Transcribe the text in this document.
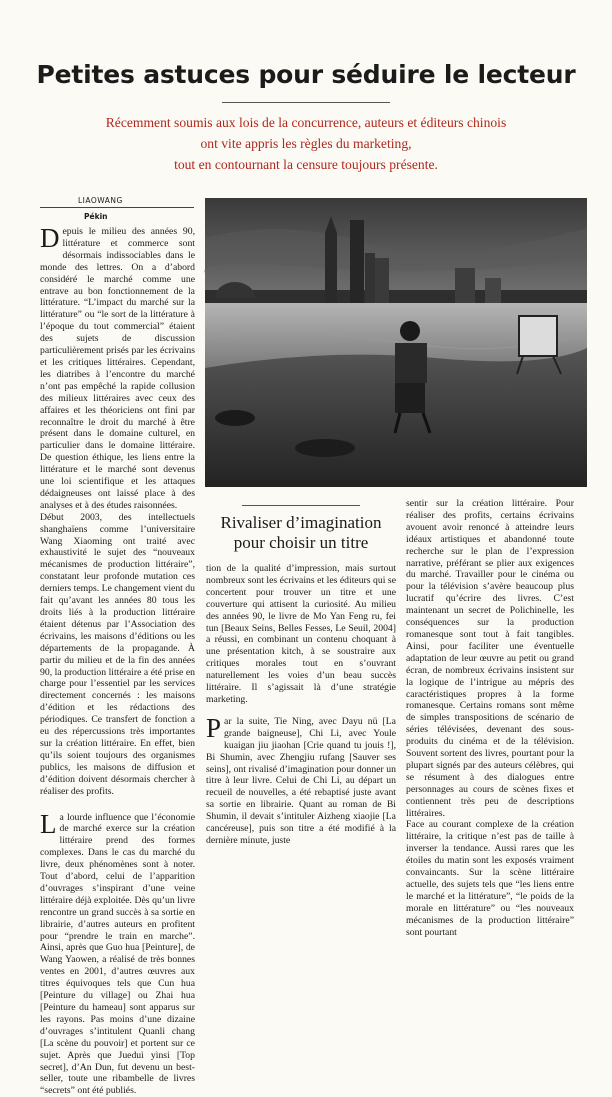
Petites astuces pour séduire le lecteur
Récemment soumis aux lois de la concurrence, auteurs et éditeurs chinois
ont vite appris les règles du marketing,
tout en contournant la censure toujours présente.
LIAOWANG
Pékin

Depuis le milieu des années 90, littérature et commerce sont désormais indissociables dans le monde des lettres. On a d’abord considéré le marché comme une entrave au bon fonctionnement de la littérature. “L’impact du marché sur la littérature” ou “le sort de la littérature à l’époque du tout commercial” étaient des sujets de discussion particulièrement prisés par les écrivains et les critiques littéraires. Cependant, les diatribes à l’encontre du marché n’ont pas empêché la rapide collusion des milieux littéraires avec ceux des affaires et les théoriciens ont fini par reconnaître le droit du marché à être présent dans le domaine culturel, en particulier dans le domaine littéraire. De question éthique, les liens entre la littérature et le marché sont devenus une loi scientifique et les attaques dédaigneuses ont laissé place à des analyses et à des études raisonnées.

Début 2003, des intellectuels shanghaïens comme l’universitaire Wang Xiaoming ont traité avec exhaustivité le sujet des “nouveaux mécanismes de production littéraire”, constatant leur profonde mutation ces derniers temps. Le changement vient du fait qu’avant les années 80 tous les droits liés à la production littéraire étaient détenus par l’Association des écrivains, les maisons d’éditions ou les départements de la propagande. À partir du milieu et de la fin des années 90, la production littéraire a été prise en charge pour l’essentiel par les services directement concernés : les maisons d’édition et les rédactions des périodiques. Ce transfert de fonction a eu des répercussions très importantes sur la création littéraire. En effet, bien qu’ils soient toujours des organismes publics, les maisons de diffusion et d’édition doivent désormais chercher à réaliser des profits.

La lourde influence que l’économie de marché exerce sur la création littéraire prend des formes complexes. Dans le cas du marché du livre, deux phénomènes sont à noter. Tout d’abord, celui de l’apparition d’ouvrages s’inspirant d’une veine littéraire déjà exploitée. Dès qu’un livre rencontre un grand succès à sa sortie en librairie, d’autres auteurs en profitent pour “prendre le train en marche”. Ainsi, après que Guo hua [Peinture], de Wang Yaowen, a réalisé de très bonnes ventes en 2001, d’autres œuvres aux titres équivoques tels que Cun hua [Peinture du village] ou Zhai hua [Peinture du hameau] sont apparus sur les rayons. Pas moins d’une dizaine d’ouvrages s’intitulent Quanli chang [La scène du pouvoir] et portent sur ce sujet. Après que Jueduì yìnsi [Top secret], d’An Dun, fut devenu un best-seller, toute une ribambelle de livres “secrets” ont été publiés.

Rivaliser d’imagination pour choisir un titre

tion de la qualité d’impression, mais surtout nombreux sont les écrivains et les éditeurs qui se concertent pour trouver un titre et une couverture qui attisent la curiosité. Au milieu des années 90, le livre de Mo Yan Feng ru, fei tun [Beaux Seins, Belles Fesses, Le Seuil, 2004] a réussi, en combinant un contenu choquant à une présentation kitch, à se soustraire aux critiques morales tout en s’ouvrant naturellement les voies d’un beau succès littéraire. Il s’agissait là d’une stratégie marketing.

Par la suite, Tie Ning, avec Dayu nü [La grande baigneuse], Chi Li, avec Youle kuaigan jiu jiaohan [Crie quand tu jouis !], Bi Shumin, avec Zhengjiu rufang [Sauver ses seins], ont rivalisé d’imagination pour donner un titre à leur livre. Celui de Chi Li, au départ un recueil de nouvelles, a été rebaptisé juste avant sa sortie en librairie. Quant au roman de Bi Shumin, il devait s’intituler Aizheng xiaojie [La cancéreuse], puis son titre a été modifié à la dernière minute, juste

sentir sur la création littéraire. Pour réaliser des profits, certains écrivains avouent avoir renoncé à atteindre leurs idéaux artistiques et abandonné toute recherche sur le plan de l’expression narrative, préférant se plier aux exigences du marché. Travailler pour le cinéma ou pour la télévision s’avère beaucoup plus lucratif qu’écrire des livres. C’est maintenant un secret de Polichinelle, les conséquences sur la production romanesque sont tout à fait tangibles. Ainsi, pour faciliter une éventuelle adaptation de leur œuvre au petit ou grand écran, de nombreux écrivains insistent sur la logique de l’intrigue au mépris des caractéristiques propres à la forme romanesque. Certains romans sont même de simples transpositions de scénario de séries télévisées, devenant des sous-produits du cinéma et de la télévision. Souvent sortent des livres, pourtant pour la plupart signés par des auteurs célèbres, qui se résument à des dialogues entre personnages au cours de scènes fixes et contiennent très peu de descriptions littéraires.

Face au courant complexe de la création littéraire, la critique n’est pas de taille à inverser la tendance. Aussi rares que les étoiles du matin sont les exposés vraiment convaincants. Sur la scène littéraire actuelle, des sujets tels que “les liens entre le marché et la littérature”, “le poids de la morale en littérature” ou “les nouveaux mécanismes de la production littéraire” sont pourtant
